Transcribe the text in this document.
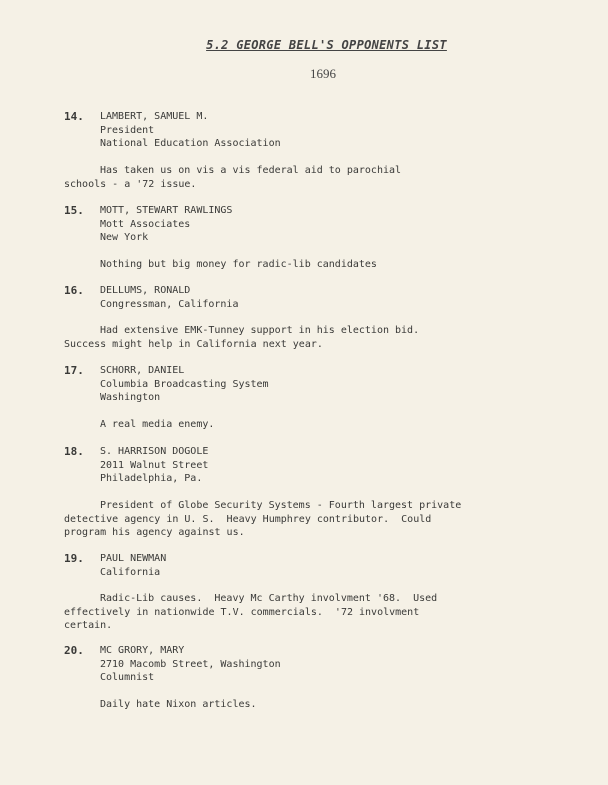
5.2 GEORGE BELL'S OPPONENTS LIST
1696
14. LAMBERT, SAMUEL M.
President
National Education Association
Has taken us on vis a vis federal aid to parochial
schools - a '72 issue.
15. MOTT, STEWART RAWLINGS
Mott Associates
New York
Nothing but big money for radic-lib candidates
16. DELLUMS, RONALD
Congressman, California
Had extensive EMK-Tunney support in his election bid.
Success might help in California next year.
17. SCHORR, DANIEL
Columbia Broadcasting System
Washington
A real media enemy.
18. S. HARRISON DOGOLE
2011 Walnut Street
Philadelphia, Pa.
President of Globe Security Systems - Fourth largest private
detective agency in U. S.  Heavy Humphrey contributor.  Could
program his agency against us.
19. PAUL NEWMAN
California
Radic-Lib causes.  Heavy Mc Carthy involvment '68.  Used
effectively in nationwide T.V. commercials.  '72 involvment
certain.
20. MC GRORY, MARY
2710 Macomb Street, Washington
Columnist
Daily hate Nixon articles.
